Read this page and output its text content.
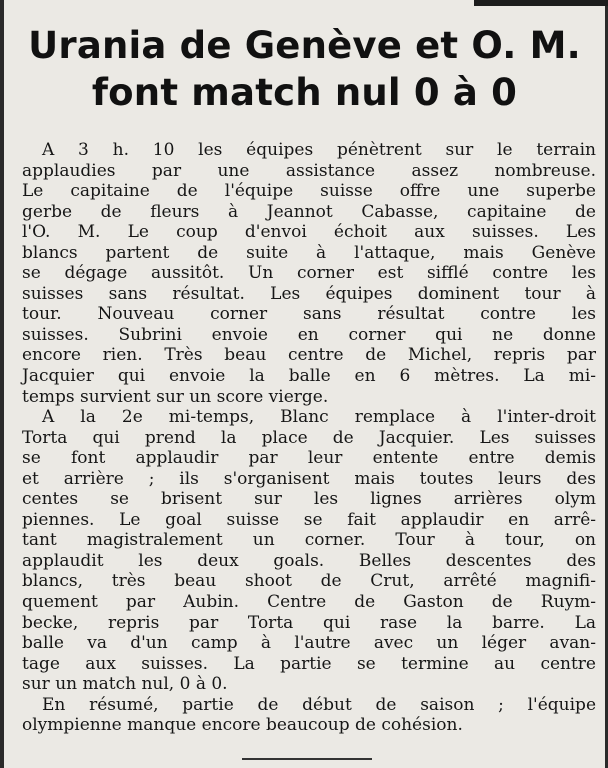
Urania de Genève et O. M.
font match nul 0 à 0

A 3 h. 10 les équipes pénètrent sur le terrain
applaudies par une assistance assez nombreuse.
Le capitaine de l'équipe suisse offre une superbe
gerbe de fleurs à Jeannot Cabasse, capitaine de
l'O. M. Le coup d'envoi échoit aux suisses. Les
blancs partent de suite à l'attaque, mais Genève
se dégage aussitôt. Un corner est sifflé contre les
suisses sans résultat. Les équipes dominent tour à
tour. Nouveau corner sans résultat contre les
suisses. Subrini envoie en corner qui ne donne
encore rien. Très beau centre de Michel, repris par
Jacquier qui envoie la balle en 6 mètres. La mi-
temps survient sur un score vierge.

A la 2e mi-temps, Blanc remplace à l'inter-droit
Torta qui prend la place de Jacquier. Les suisses
se font applaudir par leur entente entre demis
et arrière ; ils s'organisent mais toutes leurs des
centes se brisent sur les lignes arrières olym
piennes. Le goal suisse se fait applaudir en arrê-
tant magistralement un corner. Tour à tour, on
applaudit les deux goals. Belles descentes des
blancs, très beau shoot de Crut, arrêté magnifi-
quement par Aubin. Centre de Gaston de Ruym-
becke, repris par Torta qui rase la barre. La
balle va d'un camp à l'autre avec un léger avan-
tage aux suisses. La partie se termine au centre
sur un match nul, 0 à 0.

En résumé, partie de début de saison ; l'équipe
olympienne manque encore beaucoup de cohésion.
